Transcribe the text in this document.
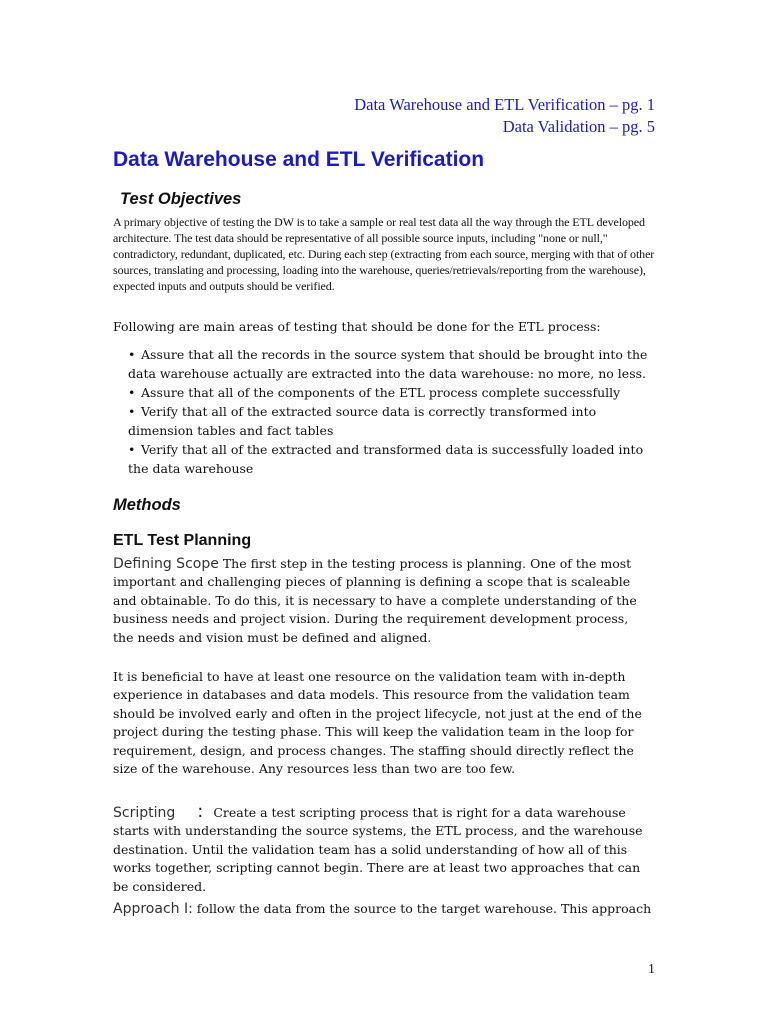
Data Warehouse and ETL Verification – pg. 1
Data Validation – pg. 5
Data Warehouse and ETL Verification
Test Objectives
A primary objective of testing the DW is to take a sample or real test data all the way through the ETL developed architecture. The test data should be representative of all possible source inputs, including "none or null," contradictory, redundant, duplicated, etc. During each step (extracting from each source, merging with that of other sources, translating and processing, loading into the warehouse, queries/retrievals/reporting from the warehouse), expected inputs and outputs should be verified.
Following are main areas of testing that should be done for the ETL process:
• Assure that all the records in the source system that should be brought into the data warehouse actually are extracted into the data warehouse: no more, no less.
• Assure that all of the components of the ETL process complete successfully
• Verify that all of the extracted source data is correctly transformed into dimension tables and fact tables
• Verify that all of the extracted and transformed data is successfully loaded into the data warehouse
Methods
ETL Test Planning
Defining Scope The first step in the testing process is planning. One of the most important and challenging pieces of planning is defining a scope that is scaleable and obtainable. To do this, it is necessary to have a complete understanding of the business needs and project vision. During the requirement development process, the needs and vision must be defined and aligned.
It is beneficial to have at least one resource on the validation team with in-depth experience in databases and data models. This resource from the validation team should be involved early and often in the project lifecycle, not just at the end of the project during the testing phase. This will keep the validation team in the loop for requirement, design, and process changes. The staffing should directly reflect the size of the warehouse. Any resources less than two are too few.
Scripting : Create a test scripting process that is right for a data warehouse starts with understanding the source systems, the ETL process, and the warehouse destination. Until the validation team has a solid understanding of how all of this works together, scripting cannot begin. There are at least two approaches that can be considered.
Approach I: follow the data from the source to the target warehouse. This approach
1
